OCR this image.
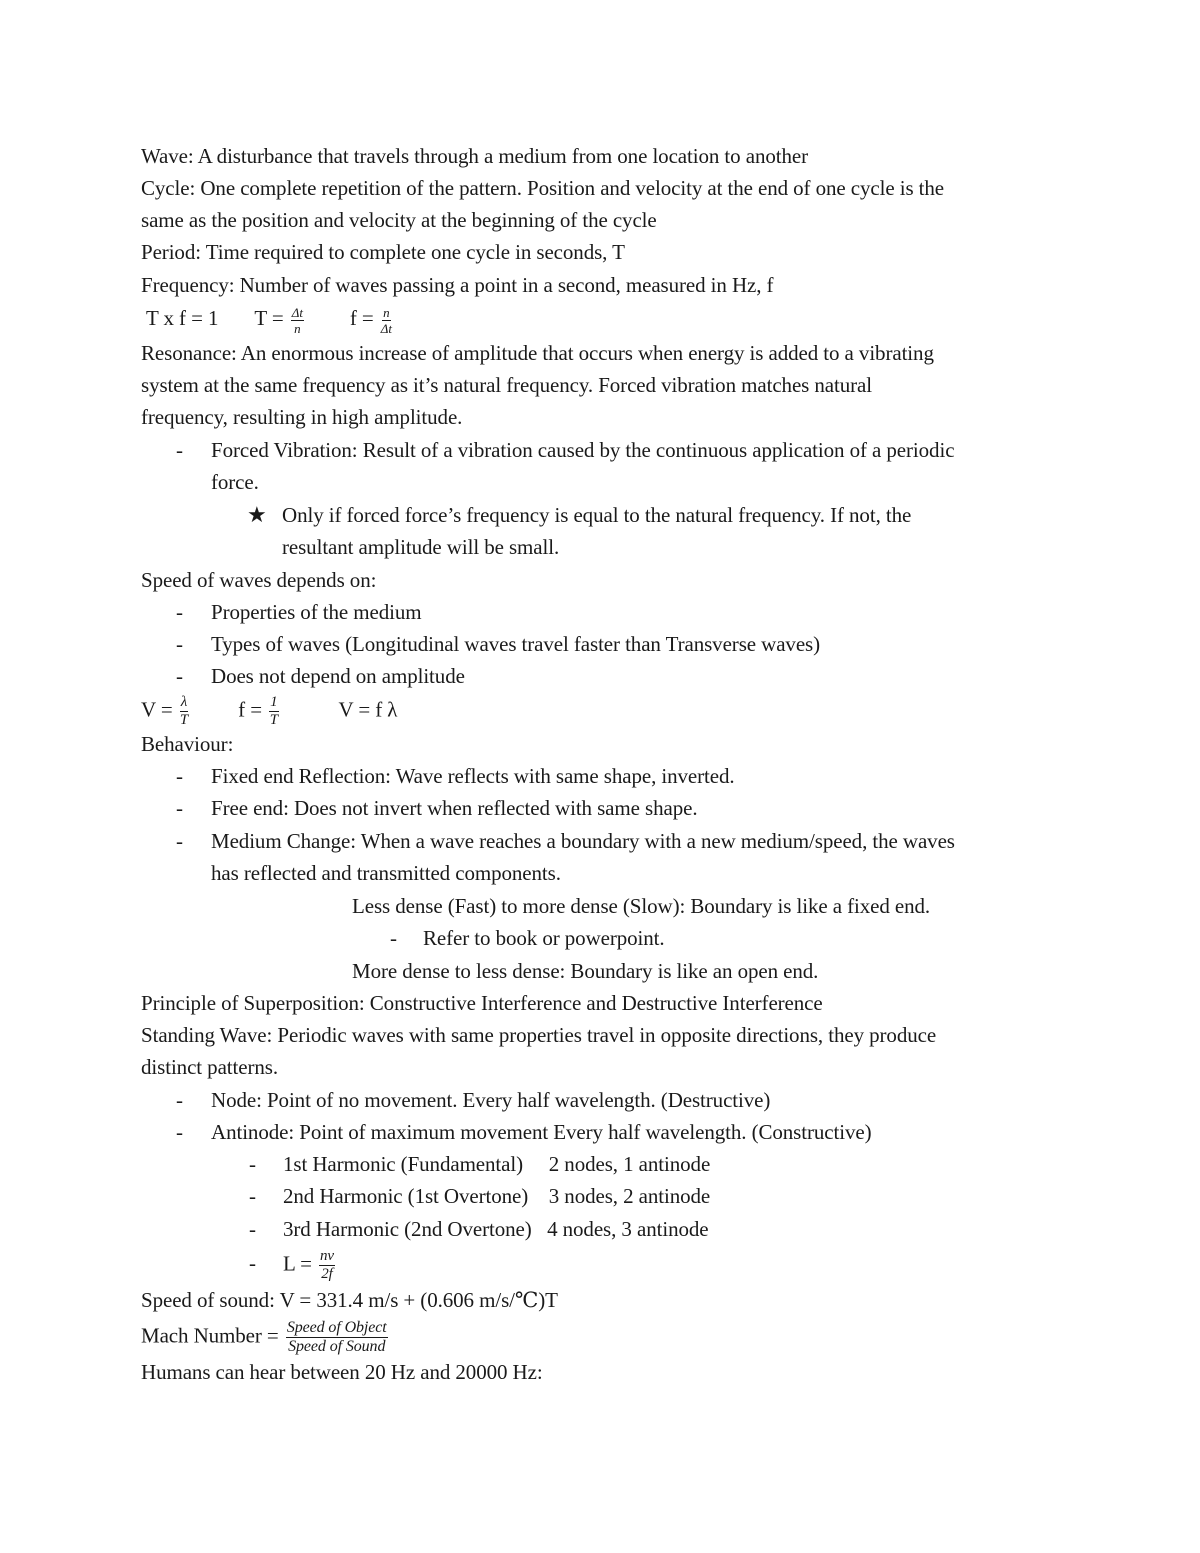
Wave: A disturbance that travels through a medium from one location to another
Cycle: One complete repetition of the pattern. Position and velocity at the end of one cycle is the
same as the position and velocity at the beginning of the cycle
Period: Time required to complete one cycle in seconds, T
Frequency: Number of waves passing a point in a second, measured in Hz, f
T x f = 1 $T = \frac{\Delta t}{n}$ $f = \frac{n}{\Delta t}$
Resonance: An enormous increase of amplitude that occurs when energy is added to a vibrating
system at the same frequency as it’s natural frequency. Forced vibration matches natural
frequency, resulting in high amplitude.
- Forced Vibration: Result of a vibration caused by the continuous application of a periodic
force.
★ Only if forced force’s frequency is equal to the natural frequency. If not, the
resultant amplitude will be small.
Speed of waves depends on:
- Properties of the medium
- Types of waves (Longitudinal waves travel faster than Transverse waves)
- Does not depend on amplitude
$V = \frac{\lambda}{T}$ $f = \frac{1}{T}$	V = f λ
Behaviour:
- Fixed end Reflection: Wave reflects with same shape, inverted.
- Free end: Does not invert when reflected with same shape.
- Medium Change: When a wave reaches a boundary with a new medium/speed, the waves
has reflected and transmitted components.
Less dense (Fast) to more dense (Slow): Boundary is like a fixed end.
- Refer to book or powerpoint.
More dense to less dense: Boundary is like an open end.
Principle of Superposition: Constructive Interference and Destructive Interference
Standing Wave: Periodic waves with same properties travel in opposite directions, they produce
distinct patterns.
- Node: Point of no movement. Every half wavelength. (Destructive)
- Antinode: Point of maximum movement Every half wavelength. (Constructive)
- 1st Harmonic (Fundamental)     2 nodes, 1 antinode
- 2nd Harmonic (1st Overtone)    3 nodes, 2 antinode
- 3rd Harmonic (2nd Overtone)   4 nodes, 3 antinode
- $L = \frac{nv}{2f}$
Speed of sound: V = 331.4 m/s + (0.606 m/s/℃)T
Mach Number = $\frac{\text{Speed of Object}}{\text{Speed of Sound}}$
Humans can hear between 20 Hz and 20000 Hz:
